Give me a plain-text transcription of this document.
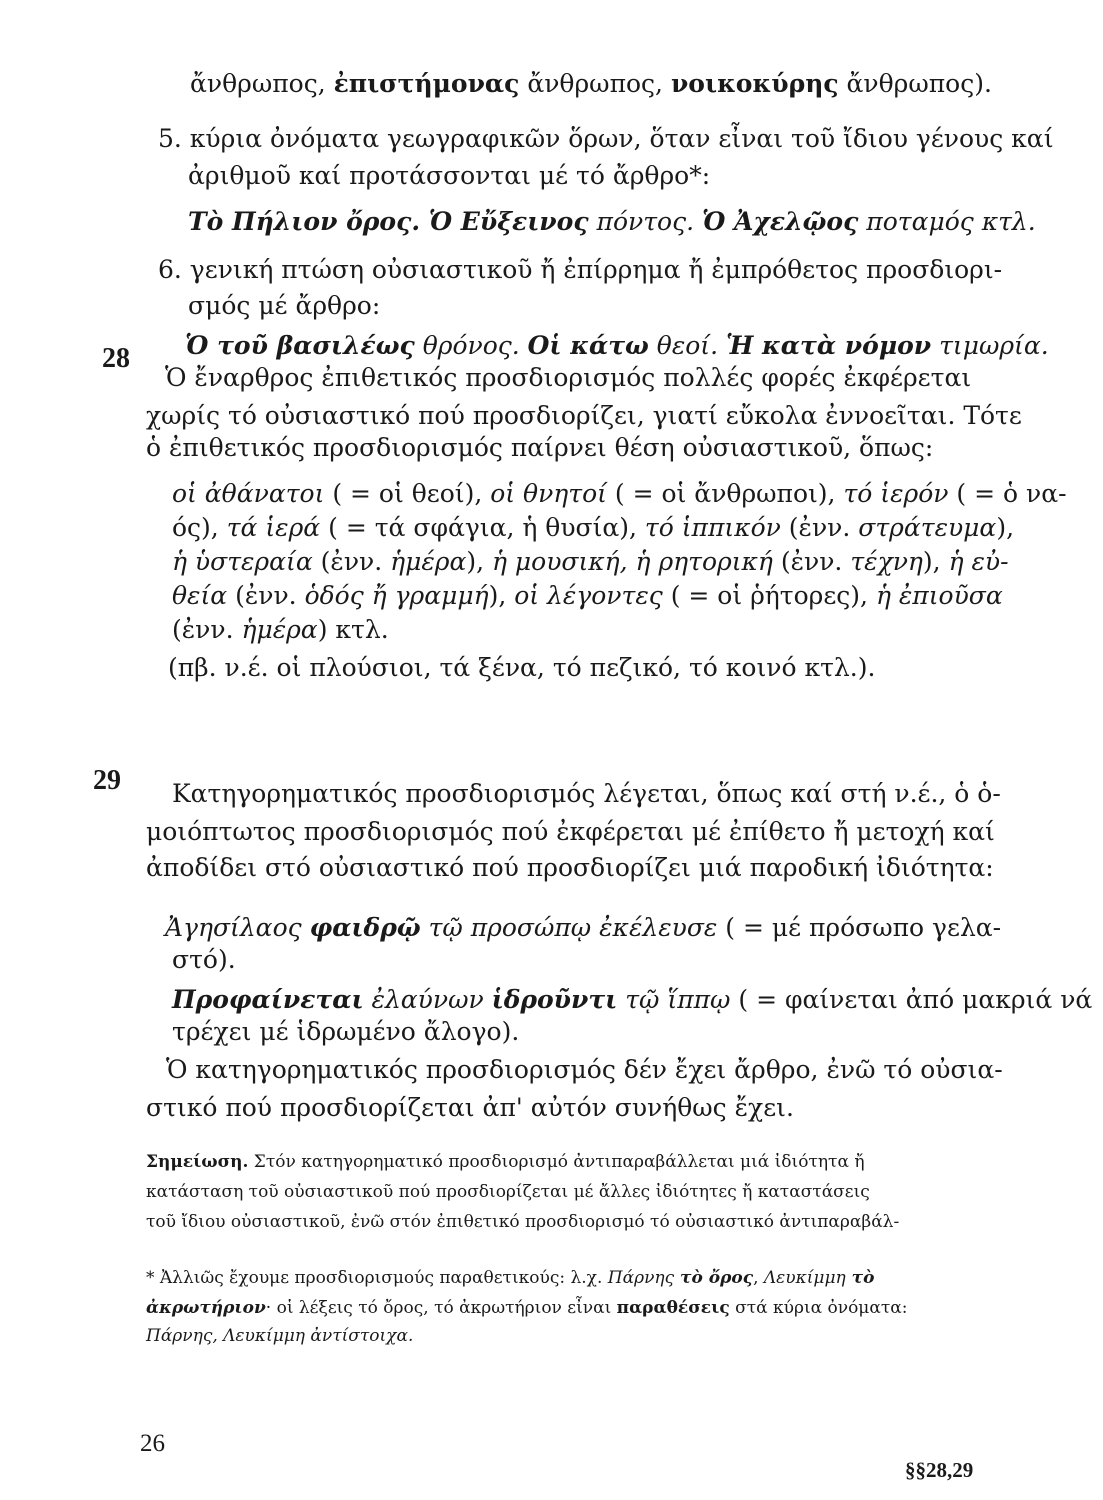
ἄνθρωπος, ἐπιστήμονας ἄνθρωπος, νοικοκύρης ἄνθρωπος).
5. κύρια ὀνόματα γεωγραφικῶν ὅρων, ὅταν εἶναι τοῦ ἴδιου γένους καί
ἀριθμοῦ καί προτάσσονται μέ τό ἄρθρο*:
Τὸ Πήλιον ὄρος. Ὁ Εὔξεινος πόντος. Ὁ Ἀχελῷος ποταμός κτλ.
6. γενική πτώση οὐσιαστικοῦ ἤ ἐπίρρημα ἤ ἐμπρόθετος προσδιορι-
σμός μέ ἄρθρο:
Ὁ τοῦ βασιλέως θρόνος. Οἱ κάτω θεοί. Ἡ κατὰ νόμον τιμωρία.
28
Ὁ ἔναρθρος ἐπιθετικός προσδιορισμός πολλές φορές ἐκφέρεται
χωρίς τό οὐσιαστικό πού προσδιορίζει, γιατί εὔκολα ἐννοεῖται. Τότε
ὁ ἐπιθετικός προσδιορισμός παίρνει θέση οὐσιαστικοῦ, ὅπως:
οἱ ἀθάνατοι ( = οἱ θεοί), οἱ θνητοί ( = οἱ ἄνθρωποι), τό ἱερόν ( = ὁ να-
ός), τά ἱερά ( = τά σφάγια, ἡ θυσία), τό ἱππικόν (ἐνν. στράτευμα),
ἡ ὑστεραία (ἐνν. ἡμέρα), ἡ μουσική, ἡ ρητορική (ἐνν. τέχνη), ἡ εὐ-
θεία (ἐνν. ὁδός ἤ γραμμή), οἱ λέγοντες ( = οἱ ῥήτορες), ἡ ἐπιοῦσα
(ἐνν. ἡμέρα) κτλ.
(πβ. ν.έ. οἱ πλούσιοι, τά ξένα, τό πεζικό, τό κοινό κτλ.).
29 Κατηγορηματικός προσδιορισμός λέγεται, ὅπως καί στή ν.έ., ὁ ὁ-
μοιόπτωτος προσδιορισμός πού ἐκφέρεται μέ ἐπίθετο ἤ μετοχή καί
ἀποδίδει στό οὐσιαστικό πού προσδιορίζει μιά παροδική ἰδιότητα:
Ἀγησίλαος φαιδρῷ τῷ προσώπῳ ἐκέλευσε ( = μέ πρόσωπο γελα-
στό).
Προφαίνεται ἐλαύνων ἱδροῦντι τῷ ἵππῳ ( = φαίνεται ἀπό μακριά νά
τρέχει μέ ἱδρωμένο ἄλογο).
Ὁ κατηγορηματικός προσδιορισμός δέν ἔχει ἄρθρο, ἐνῶ τό οὐσια-
στικό πού προσδιορίζεται ἀπ' αὐτόν συνήθως ἔχει.
Σημείωση. Στόν κατηγορηματικό προσδιορισμό ἀντιπαραβάλλεται μιά ἰδιότητα ἤ
κατάσταση τοῦ οὐσιαστικοῦ πού προσδιορίζεται μέ ἄλλες ἰδιότητες ἤ καταστάσεις
τοῦ ἴδιου οὐσιαστικοῦ, ἐνῶ στόν ἐπιθετικό προσδιορισμό τό οὐσιαστικό ἀντιπαραβάλ-
* Ἀλλιῶς ἔχουμε προσδιορισμούς παραθετικούς: λ.χ. Πάρνης τὸ ὄρος, Λευκίμμη τὸ
ἀκρωτήριον· οἱ λέξεις τό ὄρος, τό ἀκρωτήριον εἶναι παραθέσεις στά κύρια ὀνόματα:
Πάρνης, Λευκίμμη ἀντίστοιχα.
26
§§28,29
